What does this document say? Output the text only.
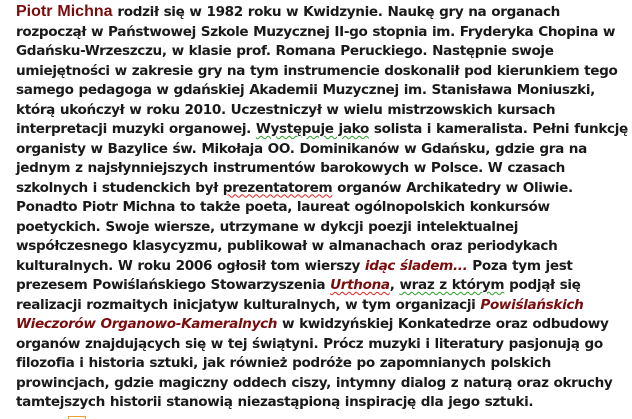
Piotr Michna rodził się w 1982 roku w Kwidzynie. Naukę gry na organach rozpoczął w Państwowej Szkole Muzycznej II-go stopnia im. Fryderyka Chopina w Gdańsku-Wrzeszczu, w klasie prof. Romana Peruckiego. Następnie swoje umiejętności w zakresie gry na tym instrumencie doskonalił pod kierunkiem tego samego pedagoga w gdańskiej Akademii Muzycznej im. Stanisława Moniuszki, którą ukończył w roku 2010. Uczestniczył w wielu mistrzowskich kursach interpretacji muzyki organowej. Występuje jako solista i kameralista. Pełni funkcję organisty w Bazylice św. Mikołaja OO. Dominikanów w Gdańsku, gdzie gra na jednym z najsłynniejszych instrumentów barokowych w Polsce. W czasach szkolnych i studenckich był prezentatorem organów Archikatedry w Oliwie. Ponadto Piotr Michna to także poeta, laureat ogólnopolskich konkursów poetyckich. Swoje wiersze, utrzymane w dykcji poezji intelektualnej współczesnego klasycyzmu, publikował w almanachach oraz periodykach kulturalnych. W roku 2006 ogłosił tom wierszy idąc śladem... Poza tym jest prezesem Powiślańskiego Stowarzyszenia Urthona, wraz z którym podjął się realizacji rozmaitych inicjatyw kulturalnych, w tym organizacji Powiślańskich Wieczorów Organowo-Kameralnych w kwidzyńskiej Konkatedrze oraz odbudowy organów znajdujących się w tej świątyni. Prócz muzyki i literatury pasjonują go filozofia i historia sztuki, jak również podróże po zapomnianych polskich prowincjach, gdzie magiczny oddech ciszy, intymny dialog z naturą oraz okruchy tamtejszych historii stanowią niezastąpioną inspirację dla jego sztuki.
